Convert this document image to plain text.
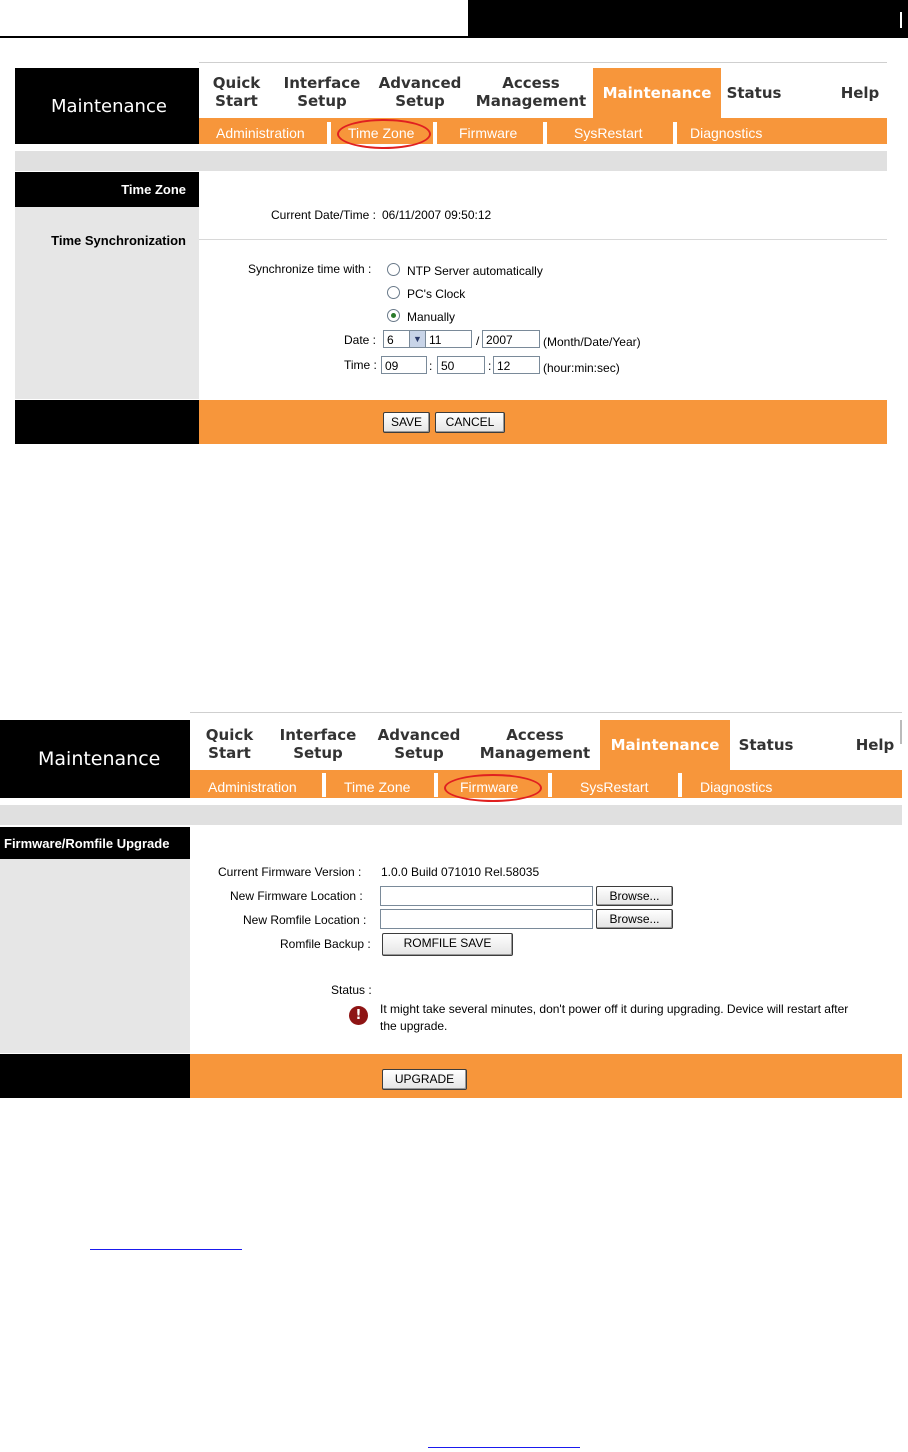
Maintenance
Quick
Start
Interface
Setup
Advanced
Setup
Access
Management	Maintenance	Status	Help
Administration	Time Zone	Firmware	SysRestart	Diagnostics
Time Zone
Time Synchronization
Current Date/Time : 06/11/2007 09:50:12
Synchronize time with :	NTP Server automatically
PC's Clock
Manually
Date : 6	▼ 11	/ 2007	(Month/Date/Year)
Time : 09	: 50	: 12	(hour:min:sec)
SAVE	CANCEL
Maintenance
Quick
Start
Interface
Setup
Advanced
Setup
Access
Management	Maintenance	Status	Help
Administration	Time Zone	Firmware	SysRestart	Diagnostics
Firmware/Romfile Upgrade
Current Firmware Version : 1.0.0 Build 071010 Rel.58035
New Firmware Location :	Browse...
New Romfile Location :	Browse...
Romfile Backup :	ROMFILE SAVE
Status :
!	It might take several minutes, don't power off it during upgrading. Device will restart after
the upgrade.
UPGRADE
